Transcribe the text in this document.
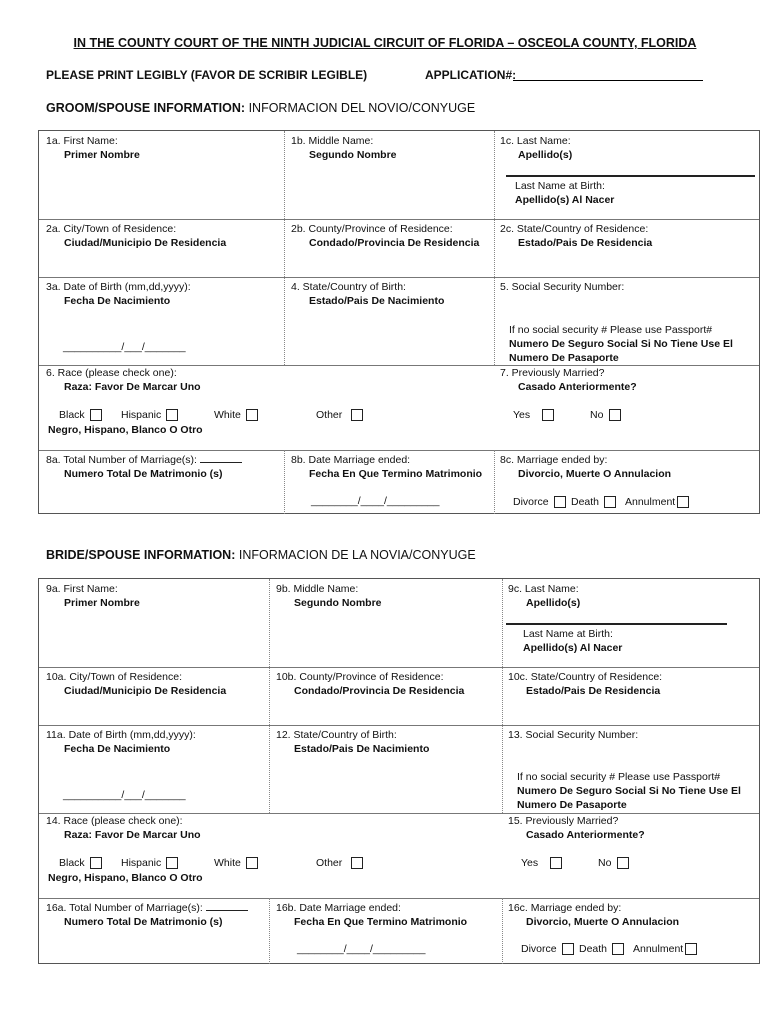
IN THE COUNTY COURT OF THE NINTH JUDICIAL CIRCUIT OF FLORIDA – OSCEOLA COUNTY, FLORIDA
PLEASE PRINT LEGIBLY (FAVOR DE SCRIBIR LEGIBLE)	APPLICATION#:
GROOM/SPOUSE INFORMATION: INFORMACION DEL NOVIO/CONYUGE
1a. First Name:
Primer Nombre
1b. Middle Name:
Segundo Nombre
1c. Last Name:
Apellido(s)
Last Name at Birth:
Apellido(s) Al Nacer
2a. City/Town of Residence:
Ciudad/Municipio De Residencia
2b. County/Province of Residence:
Condado/Provincia De Residencia
2c. State/Country of Residence:
Estado/Pais De Residencia
3a. Date of Birth (mm,dd,yyyy):
Fecha De Nacimiento
__________/___/_______
4. State/Country of Birth:
Estado/Pais De Nacimiento
5. Social Security Number:
If no social security # Please use Passport#
Numero De Seguro Social Si No Tiene Use El
Numero De Pasaporte
6. Race (please check one):
Raza: Favor De Marcar Uno
Black	Hispanic	White	Other
Negro, Hispano, Blanco O Otro
7. Previously Married?
Casado Anteriormente?
Yes	No
8a. Total Number of Marriage(s):
Numero Total De Matrimonio (s)
8b. Date Marriage ended:
Fecha En Que Termino Matrimonio
________/____/_________
8c. Marriage ended by:
Divorcio, Muerte O Annulacion
Divorce	Death	Annulment
BRIDE/SPOUSE INFORMATION: INFORMACION DE LA NOVIA/CONYUGE
9a. First Name:
Primer Nombre
9b. Middle Name:
Segundo Nombre
9c. Last Name:
Apellido(s)
Last Name at Birth:
Apellido(s) Al Nacer
10a. City/Town of Residence:
Ciudad/Municipio De Residencia
10b. County/Province of Residence:
Condado/Provincia De Residencia
10c. State/Country of Residence:
Estado/Pais De Residencia
11a. Date of Birth (mm,dd,yyyy):
Fecha De Nacimiento
__________/___/_______
12. State/Country of Birth:
Estado/Pais De Nacimiento
13. Social Security Number:
If no social security # Please use Passport#
Numero De Seguro Social Si No Tiene Use El
Numero De Pasaporte
14. Race (please check one):
Raza: Favor De Marcar Uno
Black	Hispanic	White	Other
Negro, Hispano, Blanco O Otro
15. Previously Married?
Casado Anteriormente?
Yes	No
16a. Total Number of Marriage(s):
Numero Total De Matrimonio (s)
16b. Date Marriage ended:
Fecha En Que Termino Matrimonio
________/____/_________
16c. Marriage ended by:
Divorcio, Muerte O Annulacion
Divorce	Death	Annulment
